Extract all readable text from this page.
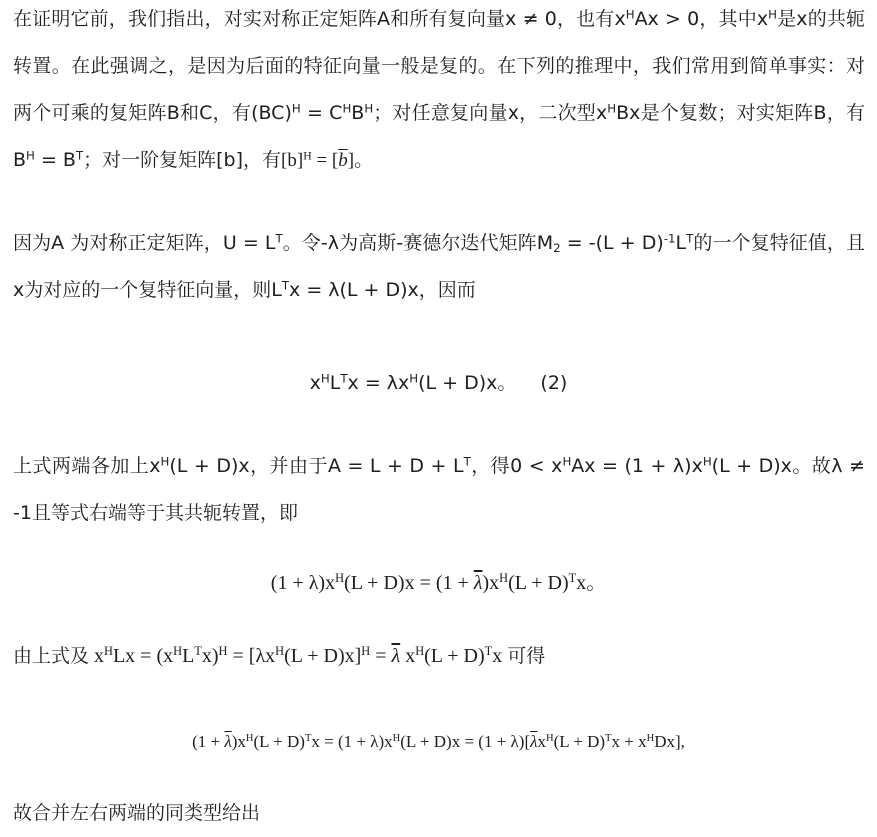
在证明它前，我们指出，对实对称正定矩阵A和所有复向量x ≠ 0，也有$x^HAx > 0$，其中$x^H$是x的共轭转置。在此强调之，是因为后面的特征向量一般是复的。在下列的推理中，我们常用到简单事实：对两个可乘的复矩阵B和C，有$(BC)^H = C^HB^H$；对任意复向量x，二次型$x^HBx$是个复数；对实矩阵B，有$B^H = B^T$；对一阶复矩阵[b]，有$[b]^H = [\overline{b}]$。
因为A 为对称正定矩阵，$U = L^T$。令-λ为高斯-赛德尔迭代矩阵$M_2 = -(L + D)^{-1}L^T$的一个复特征值，且x为对应的一个复特征向量，则$L^Tx = \lambda(L + D)x$，因而
$x^HL^Tx = \lambda x^H(L + D)x$。 (2)
上式两端各加上$x^H(L + D)x$，并由于$A = L + D + L^T$，得$0 < x^HAx = (1 + \lambda)x^H(L + D)x$。故λ ≠ -1且等式右端等于其共轭转置，即
$(1 + \lambda)x^H(L + D)x = (1 + \overline{\lambda})x^H(L + D)^Tx$。
由上式及 $x^HLx = (x^HL^Tx)^H = [\lambda x^H(L + D)x]^H = \overline{\lambda}$ $x^H(L + D)^Tx$ 可得
$(1 + \overline{\lambda})x^H(L + D)^Tx = (1 + \lambda)x^H(L + D)x = (1 + \lambda)[\overline{\lambda}x^H(L + D)^Tx + x^HDx]$,
故合并左右两端的同类型给出
